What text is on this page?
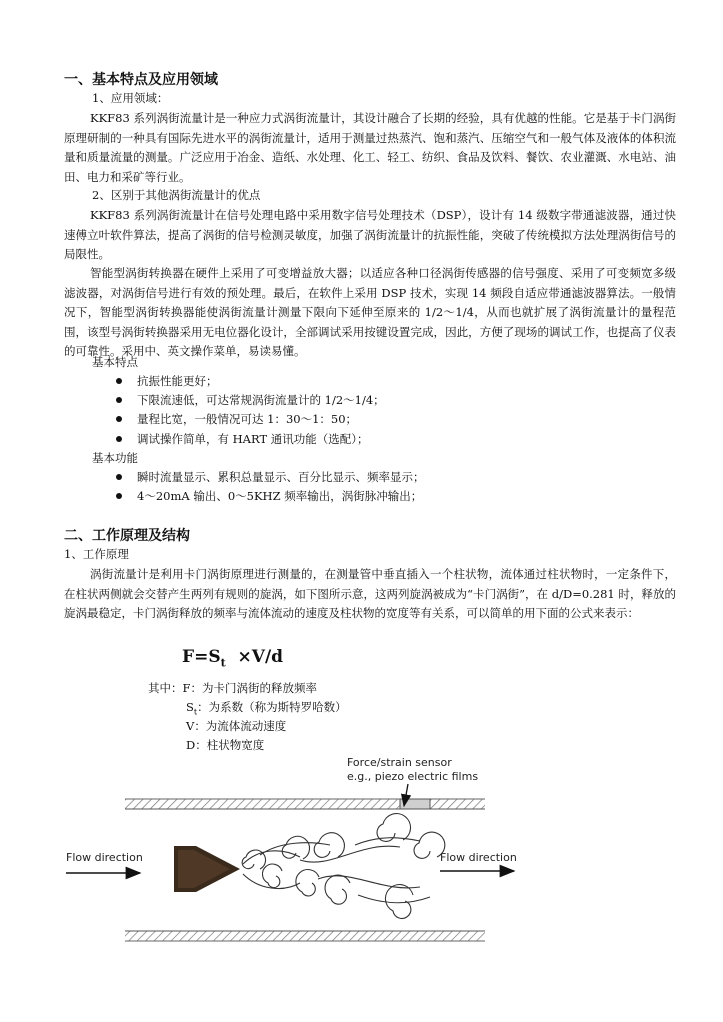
一、基本特点及应用领域
1、应用领域：
KKF83 系列涡街流量计是一种应力式涡街流量计，其设计融合了长期的经验，具有优越的性能。它是基于卡门涡街原理研制的一种具有国际先进水平的涡街流量计，适用于测量过热蒸汽、饱和蒸汽、压缩空气和一般气体及液体的体积流量和质量流量的测量。广泛应用于冶金、造纸、水处理、化工、轻工、纺织、食品及饮料、餐饮、农业灌溉、水电站、油田、电力和采矿等行业。
2、区别于其他涡街流量计的优点
KKF83 系列涡街流量计在信号处理电路中采用数字信号处理技术（DSP），设计有 14 级数字带通滤波器，通过快速傅立叶软件算法，提高了涡街的信号检测灵敏度，加强了涡街流量计的抗振性能，突破了传统模拟方法处理涡街信号的局限性。
智能型涡街转换器在硬件上采用了可变增益放大器；以适应各种口径涡街传感器的信号强度、采用了可变频宽多级滤波器，对涡街信号进行有效的预处理。最后，在软件上采用 DSP 技术，实现 14 频段自适应带通滤波器算法。一般情况下，智能型涡街转换器能使涡街流量计测量下限向下延伸至原来的 1/2～1/4，从而也就扩展了涡街流量计的量程范围，该型号涡街转换器采用无电位器化设计，全部调试采用按键设置完成，因此，方便了现场的调试工作，也提高了仪表的可靠性。采用中、英文操作菜单，易读易懂。
基本特点
抗振性能更好；
下限流速低，可达常规涡街流量计的 1/2～1/4；
量程比宽，一般情况可达 1：30～1：50；
调试操作简单，有 HART 通讯功能（选配）；
基本功能
瞬时流量显示、累积总量显示、百分比显示、频率显示；
4～20mA 输出、0～5KHZ 频率输出，涡街脉冲输出；
二、工作原理及结构
1、工作原理
涡街流量计是利用卡门涡街原理进行测量的，在测量管中垂直插入一个柱状物，流体通过柱状物时，一定条件下，在柱状两侧就会交替产生两列有规则的旋涡，如下图所示意，这两列旋涡被成为“卡门涡街”，在 d/D=0.281 时，释放的旋涡最稳定，卡门涡街释放的频率与流体流动的速度及柱状物的宽度等有关系，可以简单的用下面的公式来表示：
$F=S_t \times V/d$
其中：F：为卡门涡街的释放频率
$S_t$：为系数（称为斯特罗哈数）
V：为流体流动速度
D：柱状物宽度
Force/strain sensor
e.g., piezo electric films
Flow direction	Flow direction
